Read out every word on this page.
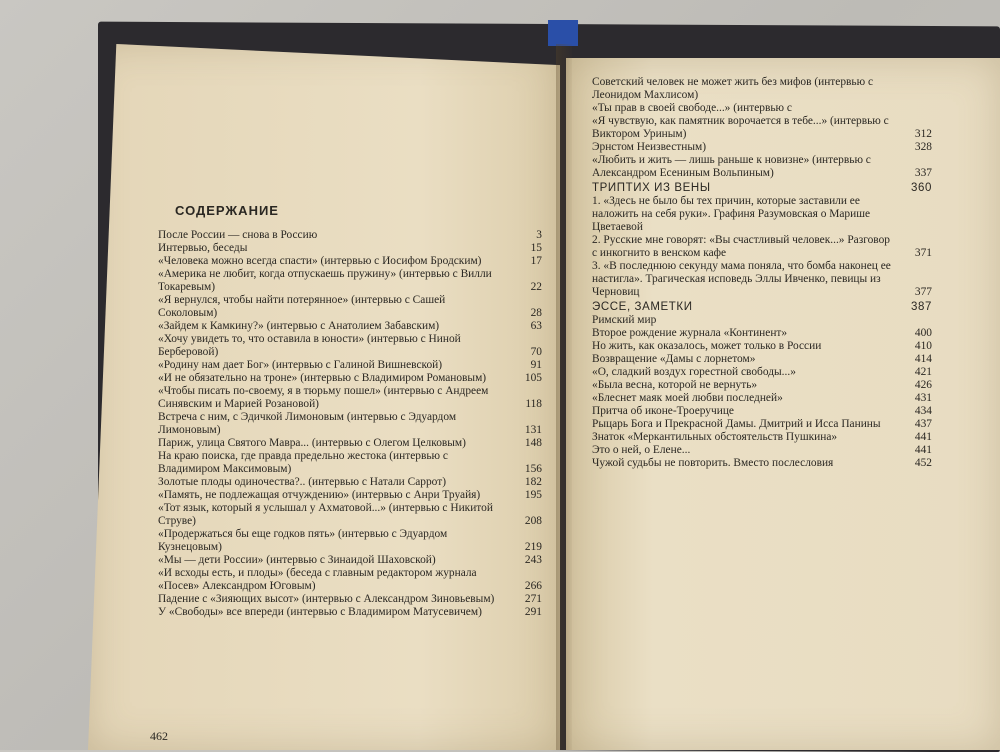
СОДЕРЖАНИЕ
После России — снова в Россию	3
Интервью, беседы	15
«Человека можно всегда спасти» (интервью с Иосифом Бродским)	17
«Америка не любит, когда отпускаешь пружину» (интервью с Вилли Токаревым)	22
«Я вернулся, чтобы найти потерянное» (интервью с Сашей Соколовым)	28
«Зайдем к Камкину?» (интервью с Анатолием Забавским)	63
«Хочу увидеть то, что оставила в юности» (интервью с Ниной Берберовой)	70
«Родину нам дает Бог» (интервью с Галиной Вишневской)	91
«И не обязательно на троне» (интервью с Владимиром Романовым)	105
«Чтобы писать по-своему, я в тюрьму пошел» (интервью с Андреем Синявским и Марией Розановой)	118
Встреча с ним, с Эдичкой Лимоновым (интервью с Эдуардом Лимоновым)	131
Париж, улица Святого Мавра... (интервью с Олегом Целковым)	148
На краю поиска, где правда предельно жестока (интервью с Владимиром Максимовым)	156
Золотые плоды одиночества?.. (интервью с Натали Саррот)	182
«Память, не подлежащая отчуждению» (интервью с Анри Труайя)	195
«Тот язык, который я услышал у Ахматовой...» (интервью с Никитой Струве)	208
«Продержаться бы еще годков пять» (интервью с Эдуардом Кузнецовым)	219
«Мы — дети России» (интервью с Зинаидой Шаховской)	243
«И всходы есть, и плоды» (беседа с главным редактором журнала «Посев» Александром Юговым)	266
Падение с «Зияющих высот» (интервью с Александром Зиновьевым)	271
У «Свободы» все впереди (интервью с Владимиром Матусевичем)	291
Советский человек не может жить без мифов (интервью с Леонидом Махлисом)
«Ты прав в своей свободе...» (интервью с
«Я чувствую, как памятник ворочается в тебе...» (интервью с Виктором Уриным)	312
Эрнстом Неизвестным)	328
«Любить и жить — лишь раньше к новизне» (интервью с Александром Есениным Вольпиным)	337
ТРИПТИХ ИЗ ВЕНЫ	360
1. «Здесь не было бы тех причин, которые заставили ее наложить на себя руки». Графиня Разумовская о Марише Цветаевой
2. Русские мне говорят: «Вы счастливый человек...» Разговор с инкогнито в венском кафе	371
3. «В последнюю секунду мама поняла, что бомба наконец ее настигла». Трагическая исповедь Эллы Ивченко, певицы из Черновиц	377
ЭССЕ, ЗАМЕТКИ	387
Римский мир
Второе рождение журнала «Континент»	400
Но жить, как оказалось, может только в России	410
Возвращение «Дамы с лорнетом»	414
«О, сладкий воздух горестной свободы...»	421
«Была весна, которой не вернуть»	426
«Блеснет маяк моей любви последней»	431
Притча об иконе-Троеручице	434
Рыцарь Бога и Прекрасной Дамы. Дмитрий и Исса Панины	437
Знаток «Меркантильных обстоятельств Пушкина»	441
Это о ней, о Елене...	441
Чужой судьбы не повторить. Вместо послесловия	452
462
